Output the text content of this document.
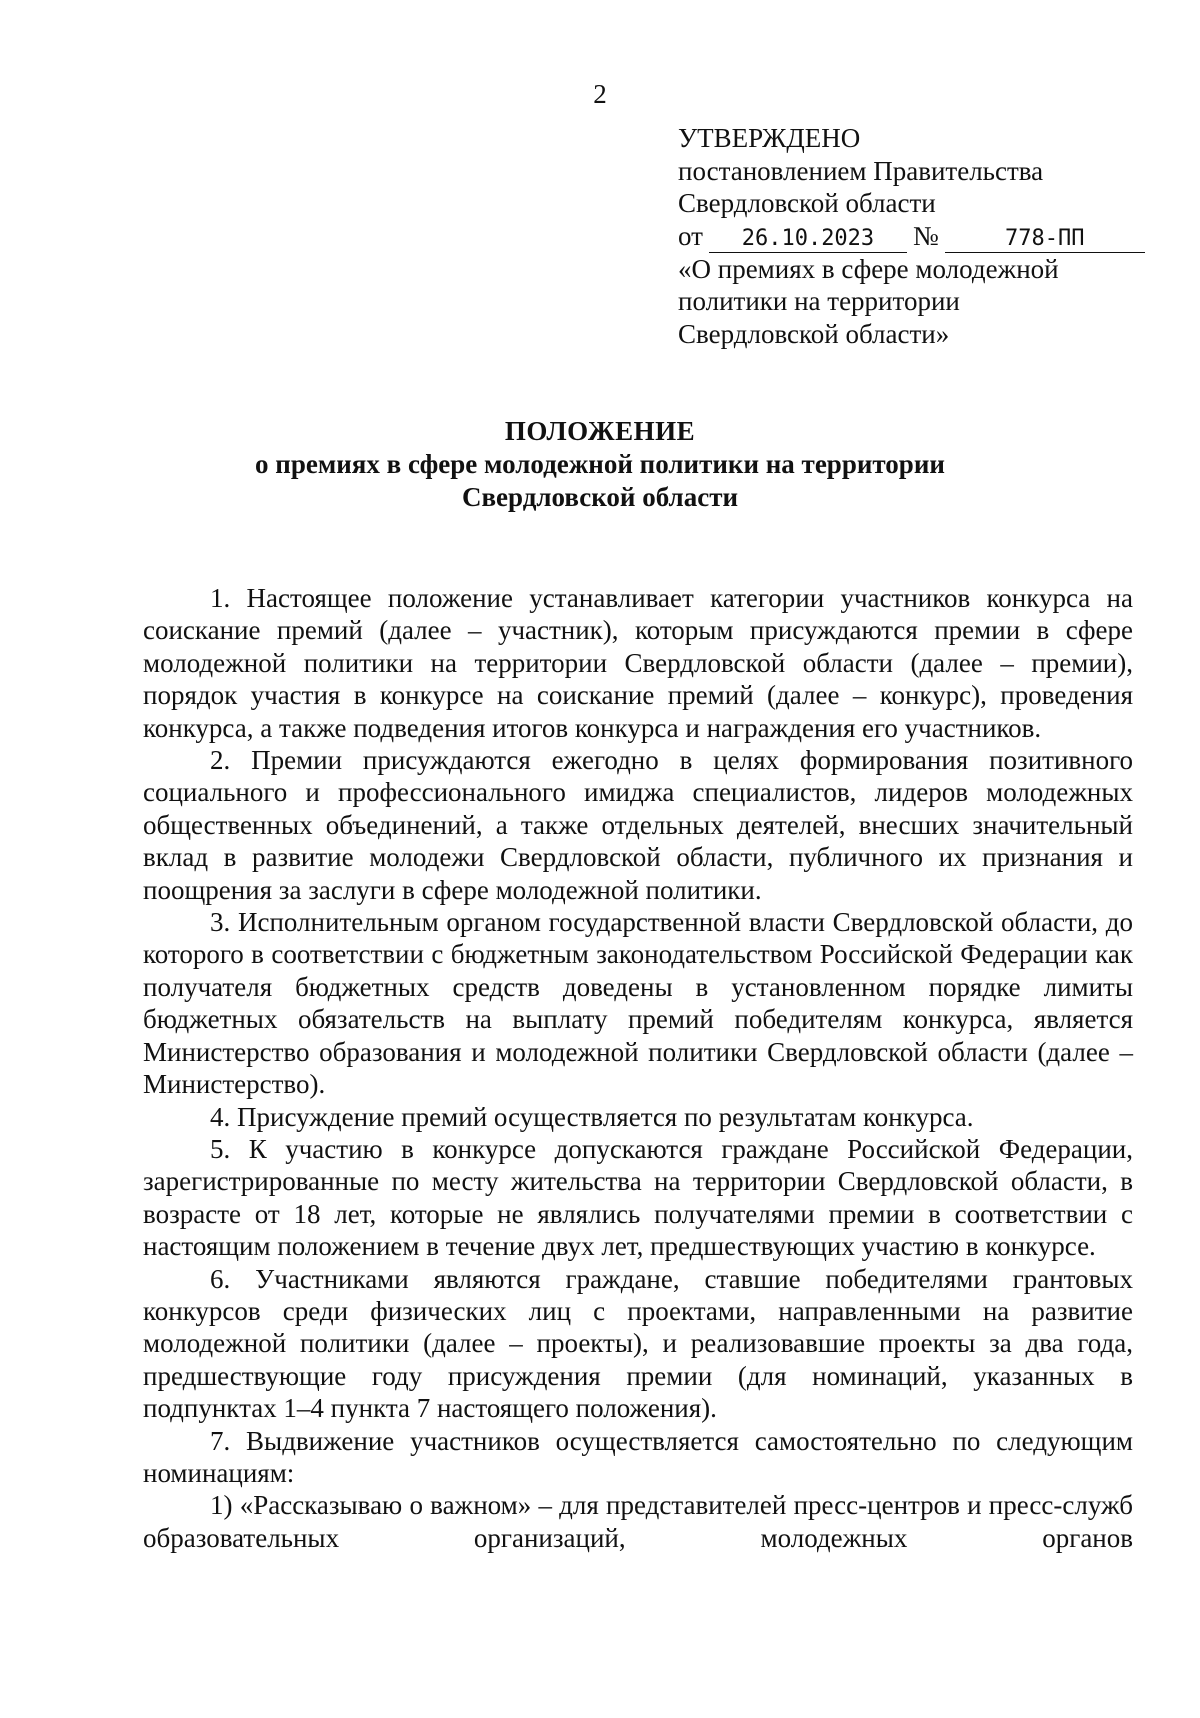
2
УТВЕРЖДЕНО
постановлением Правительства
Свердловской области
от 26.10.2023 №	778-ПП
«О премиях в сфере молодежной
политики на территории
Свердловской области»
ПОЛОЖЕНИЕ
о премиях в сфере молодежной политики на территории
Свердловской области

1. Настоящее положение устанавливает категории участников конкурса на соискание премий (далее – участник), которым присуждаются премии в сфере молодежной политики на территории Свердловской области (далее – премии), порядок участия в конкурсе на соискание премий (далее – конкурс), проведения конкурса, а также подведения итогов конкурса и награждения его участников.

2. Премии присуждаются ежегодно в целях формирования позитивного социального и профессионального имиджа специалистов, лидеров молодежных общественных объединений, а также отдельных деятелей, внесших значительный вклад в развитие молодежи Свердловской области, публичного их признания и поощрения за заслуги в сфере молодежной политики.

3. Исполнительным органом государственной власти Свердловской области, до которого в соответствии с бюджетным законодательством Российской Федерации как получателя бюджетных средств доведены в установленном порядке лимиты бюджетных обязательств на выплату премий победителям конкурса, является Министерство образования и молодежной политики Свердловской области (далее – Министерство).

4. Присуждение премий осуществляется по результатам конкурса.

5. К участию в конкурсе допускаются граждане Российской Федерации, зарегистрированные по месту жительства на территории Свердловской области, в возрасте от 18 лет, которые не являлись получателями премии в соответствии с настоящим положением в течение двух лет, предшествующих участию в конкурсе.

6. Участниками являются граждане, ставшие победителями грантовых конкурсов среди физических лиц с проектами, направленными на развитие молодежной политики (далее – проекты), и реализовавшие проекты за два года, предшествующие году присуждения премии (для номинаций, указанных в подпунктах 1–4 пункта 7 настоящего положения).

7. Выдвижение участников осуществляется самостоятельно по следующим номинациям:

1) «Рассказываю о важном» – для представителей пресс-центров и пресс-служб образовательных организаций, молодежных органов
